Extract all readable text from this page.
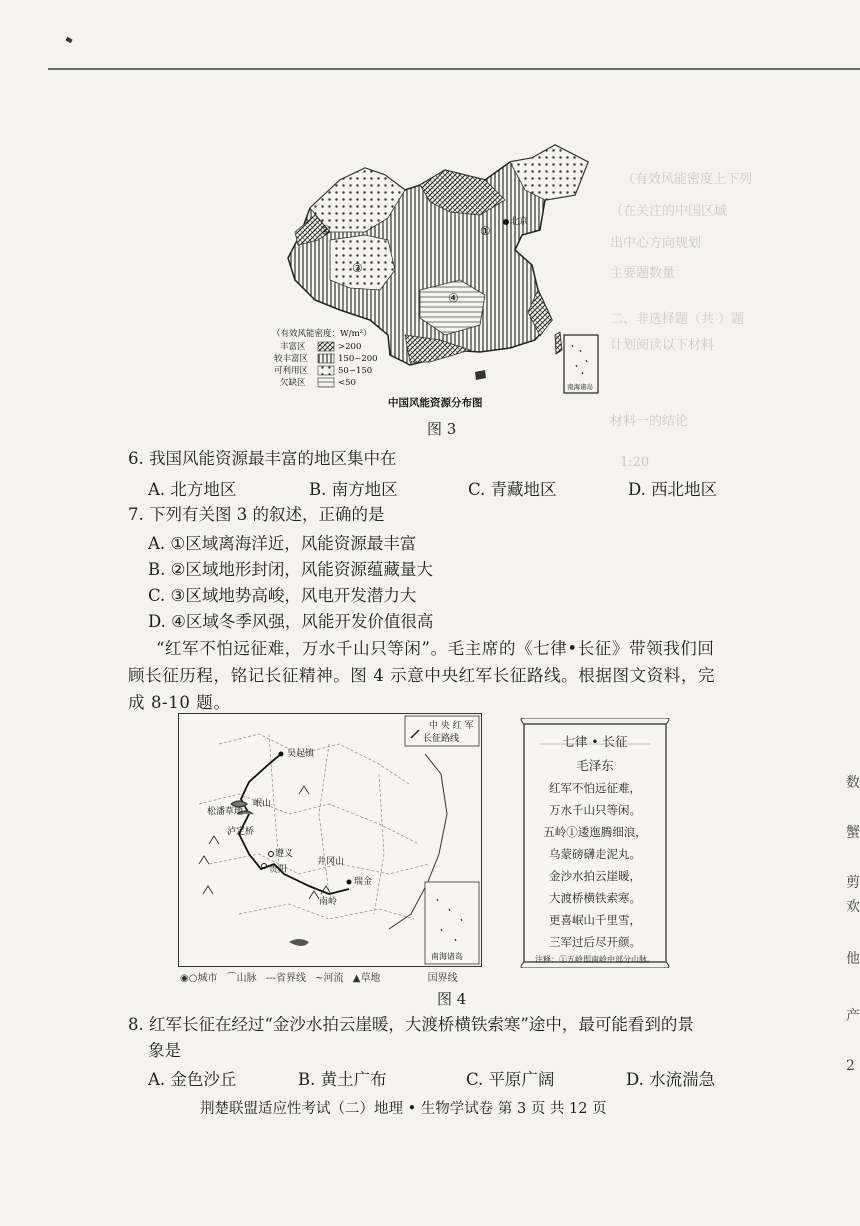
（有效风能密度上下列
（在关注的中国区域
出中心方向规划
主要题数量
二、非选择题（共 ）题
计划阅读以下材料
材料一的结论
1:20
数
蟹
剪
欢
他
产
2
北京
②
③
④
①
（有效风能密度：W/m²）
丰富区	>200
较丰富区	150~200
可利用区	50~150
欠缺区	<50	南海诸岛
中国风能资源分布图
图 3
6. 我国风能资源最丰富的地区集中在
A. 北方地区	B. 南方地区	C. 青藏地区	D. 西北地区
7. 下列有关图 3 的叙述，正确的是
A. ①区域离海洋近，风能资源最丰富
B. ②区域地形封闭，风能资源蕴藏量大
C. ③区域地势高峻，风电开发潜力大
D. ④区域冬季风强，风能开发价值很高
“红军不怕远征难，万水千山只等闲”。毛主席的《七律•长征》带领我们回
顾长征历程，铭记长征精神。图 4 示意中央红军长征路线。根据图文资料，完
成 8-10 题。
中 央 红 军
长征路线
吴起镇
岷山
松潘草地
泸定桥
遵义
贵阳
井冈山
瑞金
南岭
南海诸岛
◉○城市 ⌒山脉 ---省界线 ~河流 ▲草地	国界线
图 4
七律 • 长征
毛泽东
红军不怕远征难，
万水千山只等闲。
五岭①逶迤腾细浪，
乌蒙磅礴走泥丸。
金沙水拍云崖暖，
大渡桥横铁索寒。
更喜岷山千里雪，
三军过后尽开颜。
注释：①五岭即南岭中部分山脉。
8. 红军长征在经过“金沙水拍云崖暖，大渡桥横铁索寒”途中，最可能看到的景
象是
A. 金色沙丘	B. 黄土广布	C. 平原广阔	D. 水流湍急
荆楚联盟适应性考试（二）地理 • 生物学试卷 第 3 页 共 12 页
